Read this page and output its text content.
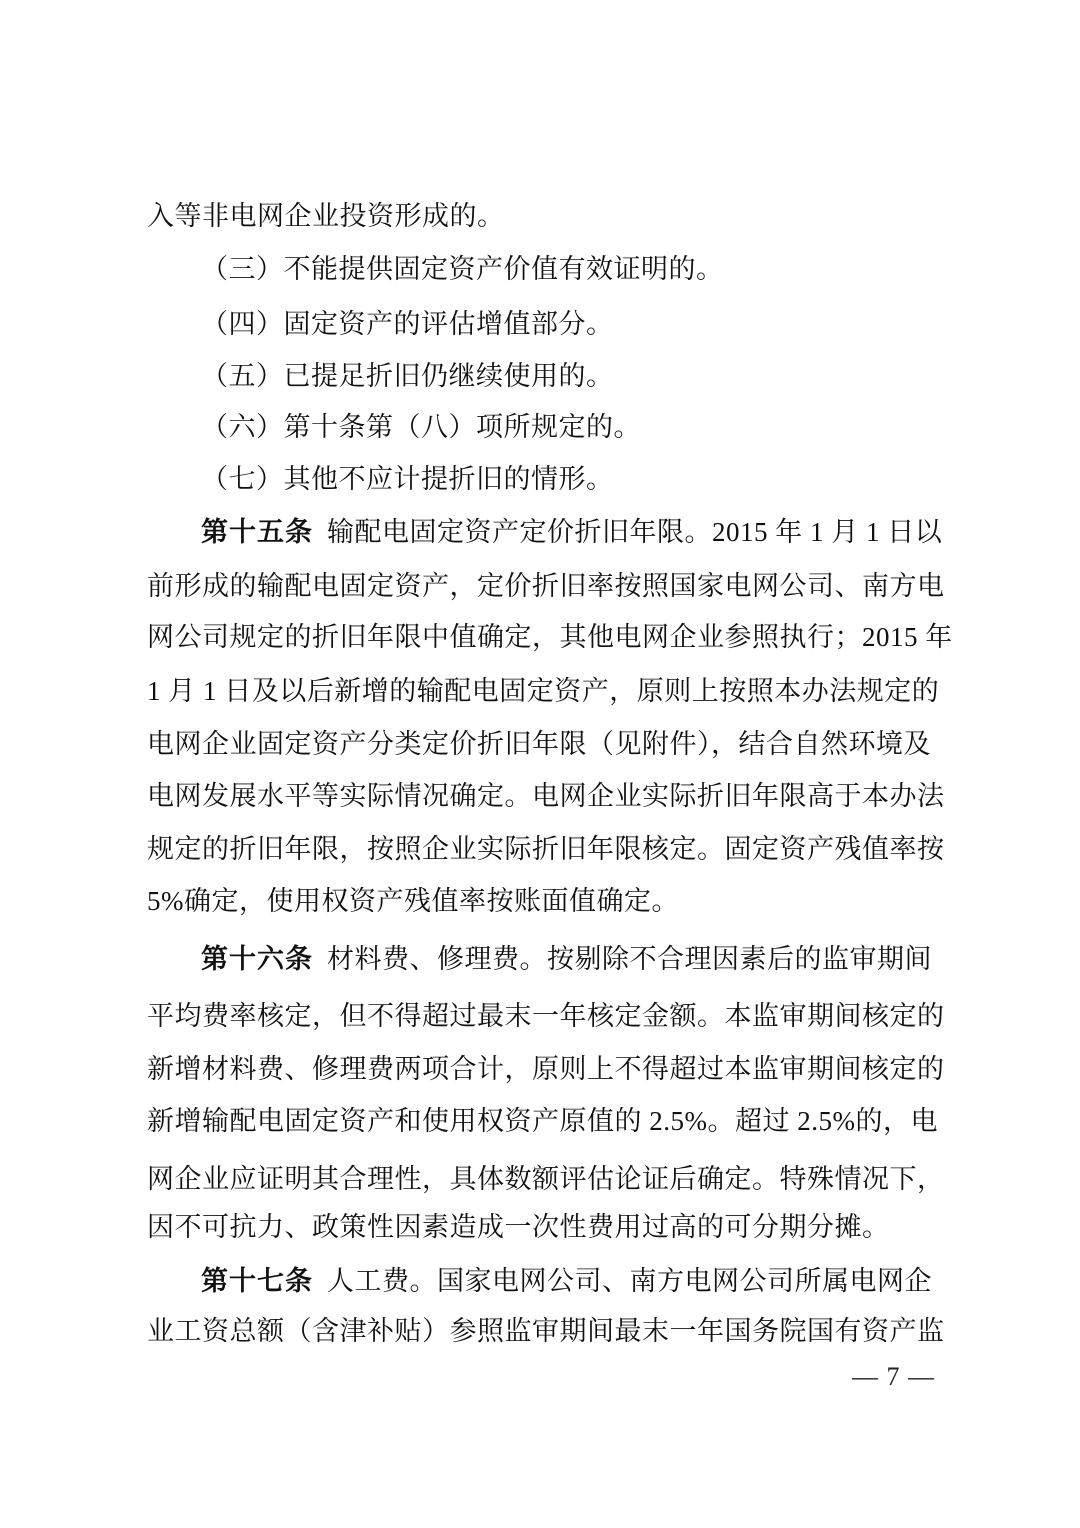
入等非电网企业投资形成的。
（三）不能提供固定资产价值有效证明的。
（四）固定资产的评估增值部分。
（五）已提足折旧仍继续使用的。
（六）第十条第（八）项所规定的。
（七）其他不应计提折旧的情形。
第十五条 输配电固定资产定价折旧年限。2015 年 1 月 1 日以
前形成的输配电固定资产，定价折旧率按照国家电网公司、南方电
网公司规定的折旧年限中值确定，其他电网企业参照执行；2015 年
1 月 1 日及以后新增的输配电固定资产，原则上按照本办法规定的
电网企业固定资产分类定价折旧年限（见附件），结合自然环境及
电网发展水平等实际情况确定。电网企业实际折旧年限高于本办法
规定的折旧年限，按照企业实际折旧年限核定。固定资产残值率按
5%确定，使用权资产残值率按账面值确定。
第十六条 材料费、修理费。按剔除不合理因素后的监审期间
平均费率核定，但不得超过最末一年核定金额。本监审期间核定的
新增材料费、修理费两项合计，原则上不得超过本监审期间核定的
新增输配电固定资产和使用权资产原值的 2.5%。超过 2.5%的，电
网企业应证明其合理性，具体数额评估论证后确定。特殊情况下，
因不可抗力、政策性因素造成一次性费用过高的可分期分摊。
第十七条 人工费。国家电网公司、南方电网公司所属电网企
业工资总额（含津补贴）参照监审期间最末一年国务院国有资产监
— 7 —
